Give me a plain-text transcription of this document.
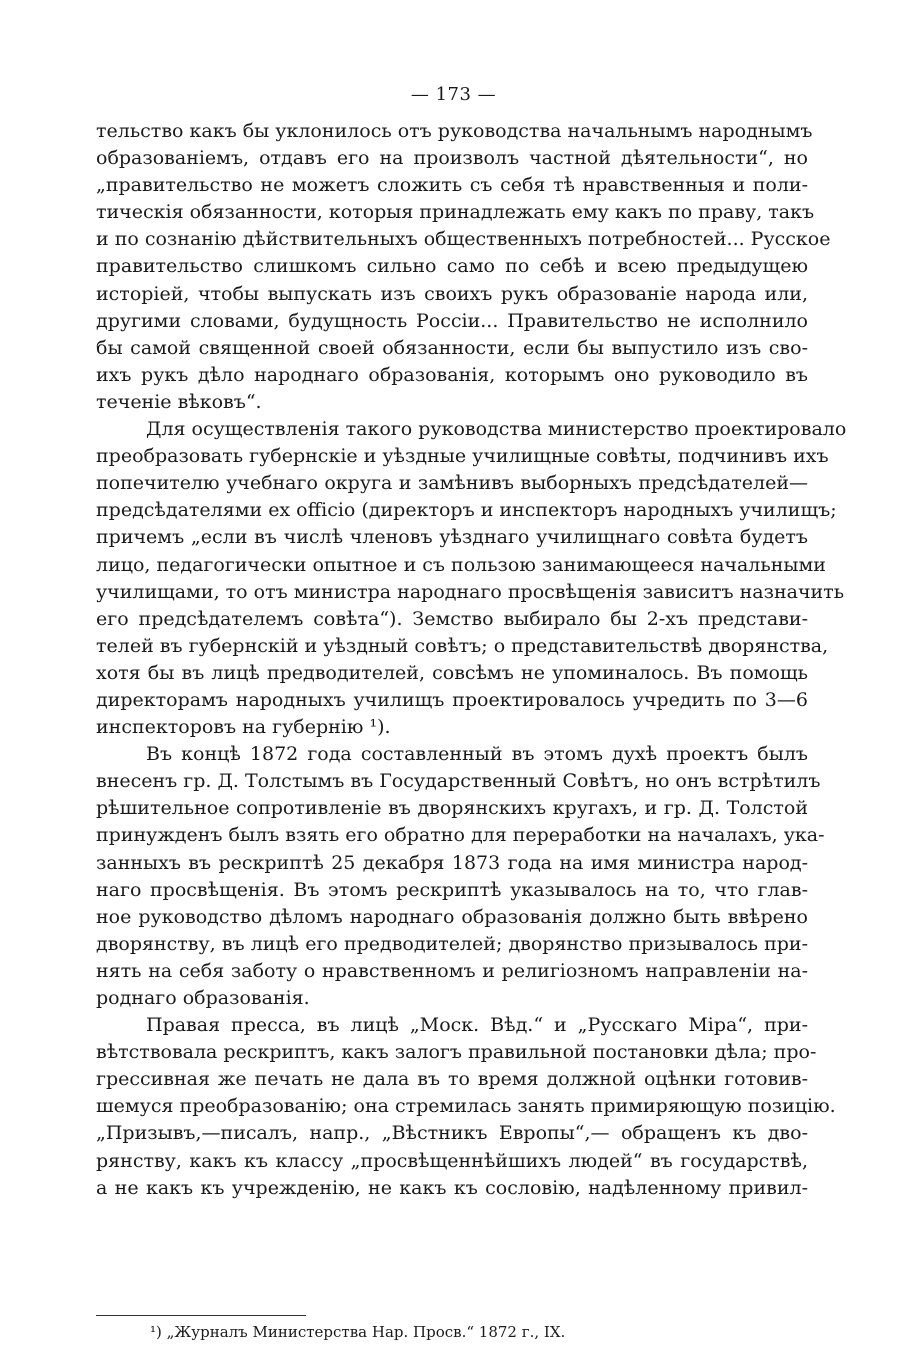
— 173 —
тельство какъ бы уклонилось отъ руководства начальнымъ народнымъ
образованіемъ, отдавъ его на произволъ частной дѣятельности“, но
„правительство не можетъ сложить съ себя тѣ нравственныя и поли-
тическія обязанности, которыя принадлежать ему какъ по праву, такъ
и по сознанію дѣйствительныхъ общественныхъ потребностей... Русское
правительство слишкомъ сильно само по себѣ и всею предыдущею
исторіей, чтобы выпускать изъ своихъ рукъ образованіе народа или,
другими словами, будущность Россіи... Правительство не исполнило
бы самой священной своей обязанности, если бы выпустило изъ сво-
ихъ рукъ дѣло народнаго образованія, которымъ оно руководило въ
теченіе вѣковъ“.
Для осуществленія такого руководства министерство проектировало
преобразовать губернскіе и уѣздные училищные совѣты, подчинивъ ихъ
попечителю учебнаго округа и замѣнивъ выборныхъ предсѣдателей—
предсѣдателями ex officio (директоръ и инспекторъ народныхъ училищъ;
причемъ „если въ числѣ членовъ уѣзднаго училищнаго совѣта будетъ
лицо, педагогически опытное и съ пользою занимающееся начальными
училищами, то отъ министра народнаго просвѣщенія зависитъ назначить
его предсѣдателемъ совѣта“). Земство выбирало бы 2-хъ представи-
телей въ губернскій и уѣздный совѣтъ; о представительствѣ дворянства,
хотя бы въ лицѣ предводителей, совсѣмъ не упоминалось. Въ помощь
директорамъ народныхъ училищъ проектировалось учредить по 3—6
инспекторовъ на губернію ¹).
Въ концѣ 1872 года составленный въ этомъ духѣ проектъ былъ
внесенъ гр. Д. Толстымъ въ Государственный Совѣтъ, но онъ встрѣтилъ
рѣшительное сопротивленіе въ дворянскихъ кругахъ, и гр. Д. Толстой
принужденъ былъ взять его обратно для переработки на началахъ, ука-
занныхъ въ рескриптѣ 25 декабря 1873 года на имя министра народ-
наго просвѣщенія. Въ этомъ рескриптѣ указывалось на то, что глав-
ное руководство дѣломъ народнаго образованія должно быть ввѣрено
дворянству, въ лицѣ его предводителей; дворянство призывалось при-
нять на себя заботу о нравственномъ и религіозномъ направленіи на-
роднаго образованія.
Правая пресса, въ лицѣ „Моск. Вѣд.“ и „Русскаго Міра“, при-
вѣтствовала рескриптъ, какъ залогъ правильной постановки дѣла; про-
грессивная же печать не дала въ то время должной оцѣнки готовив-
шемуся преобразованію; она стремилась занять примиряющую позицію.
„Призывъ,—писалъ, напр., „Вѣстникъ Европы“,— обращенъ къ дво-
рянству, какъ къ классу „просвѣщеннѣйшихъ людей“ въ государствѣ,
а не какъ къ учрежденію, не какъ къ сословію, надѣленному привил-
¹) „Журналъ Министерства Нар. Просв.“ 1872 г., IX.
